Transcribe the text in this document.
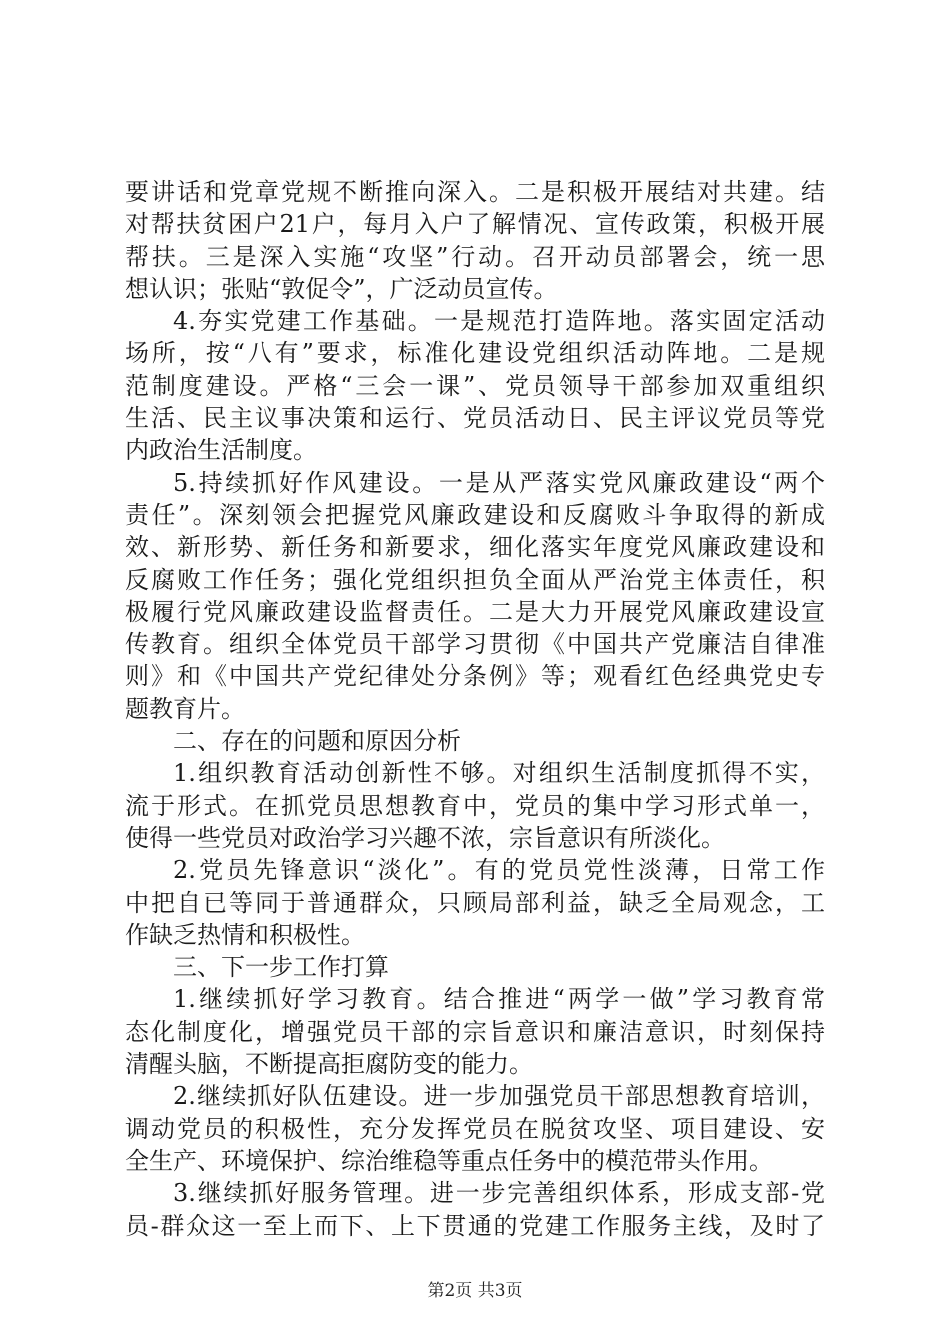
要讲话和党章党规不断推向深入。二是积极开展结对共建。结
对帮扶贫困户21户，每月入户了解情况、宣传政策，积极开展
帮扶。三是深入实施“攻坚”行动。召开动员部署会，统一思
想认识；张贴“敦促令”，广泛动员宣传。
4.夯实党建工作基础。一是规范打造阵地。落实固定活动
场所，按“八有”要求，标准化建设党组织活动阵地。二是规
范制度建设。严格“三会一课”、党员领导干部参加双重组织
生活、民主议事决策和运行、党员活动日、民主评议党员等党
内政治生活制度。
5.持续抓好作风建设。一是从严落实党风廉政建设“两个
责任”。深刻领会把握党风廉政建设和反腐败斗争取得的新成
效、新形势、新任务和新要求，细化落实年度党风廉政建设和
反腐败工作任务；强化党组织担负全面从严治党主体责任，积
极履行党风廉政建设监督责任。二是大力开展党风廉政建设宣
传教育。组织全体党员干部学习贯彻《中国共产党廉洁自律准
则》和《中国共产党纪律处分条例》等；观看红色经典党史专
题教育片。
二、存在的问题和原因分析
1.组织教育活动创新性不够。对组织生活制度抓得不实，
流于形式。在抓党员思想教育中，党员的集中学习形式单一，
使得一些党员对政治学习兴趣不浓，宗旨意识有所淡化。
2.党员先锋意识“淡化”。有的党员党性淡薄，日常工作
中把自已等同于普通群众，只顾局部利益，缺乏全局观念，工
作缺乏热情和积极性。
三、下一步工作打算
1.继续抓好学习教育。结合推进“两学一做”学习教育常
态化制度化，增强党员干部的宗旨意识和廉洁意识，时刻保持
清醒头脑，不断提高拒腐防变的能力。
2.继续抓好队伍建设。进一步加强党员干部思想教育培训，
调动党员的积极性，充分发挥党员在脱贫攻坚、项目建设、安
全生产、环境保护、综治维稳等重点任务中的模范带头作用。
3.继续抓好服务管理。进一步完善组织体系，形成支部-党
员-群众这一至上而下、上下贯通的党建工作服务主线，及时了
第2页 共3页
